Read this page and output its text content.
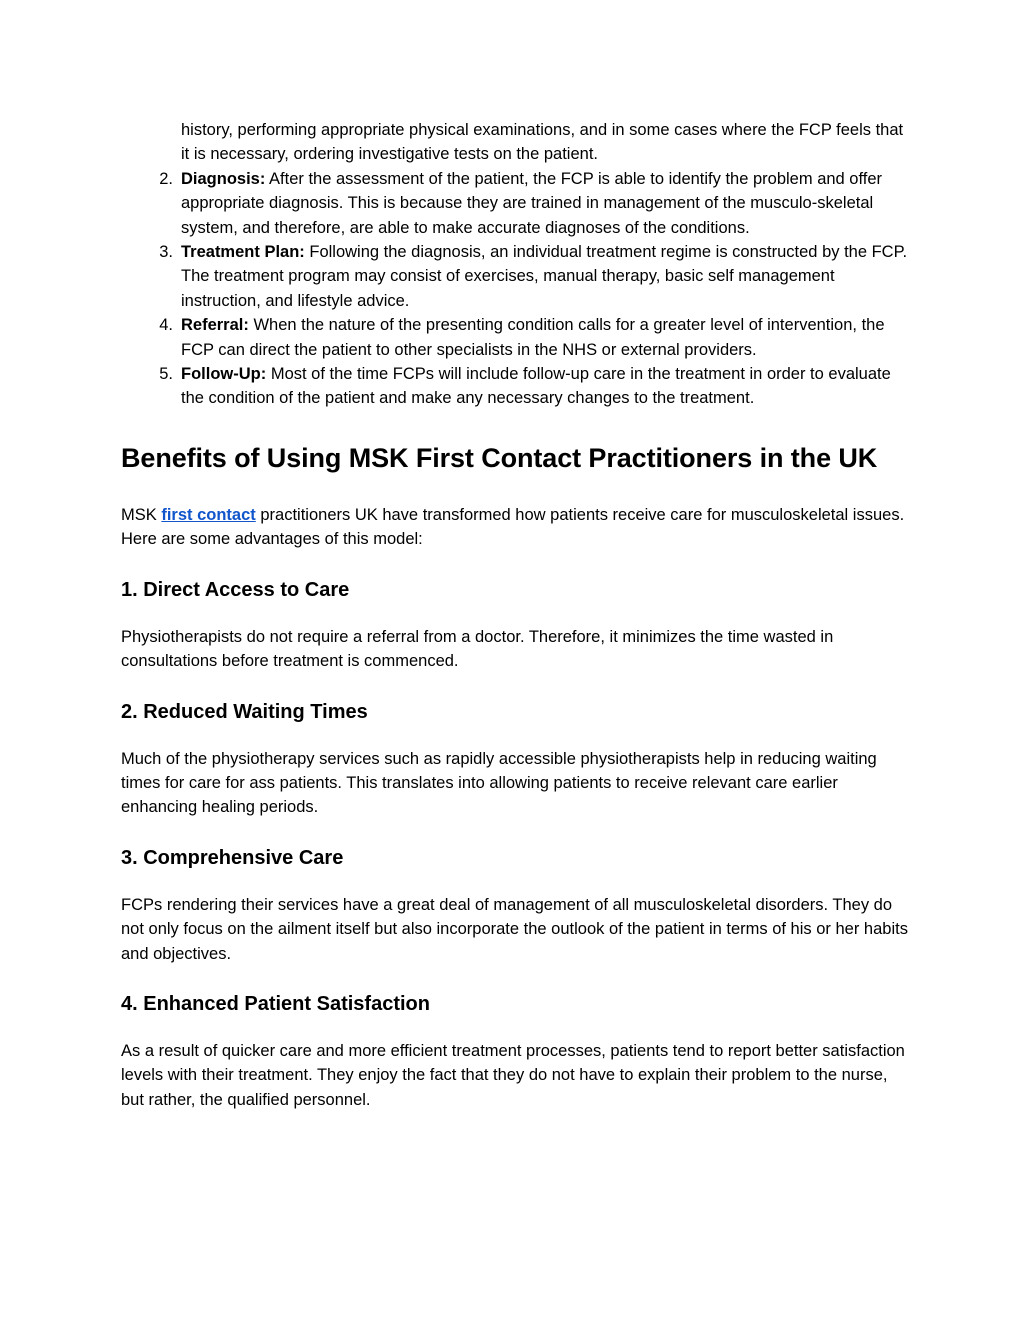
history, performing appropriate physical examinations, and in some cases where the FCP feels that it is necessary, ordering investigative tests on the patient.
2. Diagnosis: After the assessment of the patient, the FCP is able to identify the problem and offer appropriate diagnosis. This is because they are trained in management of the musculo-skeletal system, and therefore, are able to make accurate diagnoses of the conditions.
3. Treatment Plan: Following the diagnosis, an individual treatment regime is constructed by the FCP. The treatment program may consist of exercises, manual therapy, basic self management instruction, and lifestyle advice.
4. Referral: When the nature of the presenting condition calls for a greater level of intervention, the FCP can direct the patient to other specialists in the NHS or external providers.
5. Follow-Up: Most of the time FCPs will include follow-up care in the treatment in order to evaluate the condition of the patient and make any necessary changes to the treatment.
Benefits of Using MSK First Contact Practitioners in the UK

MSK first contact practitioners UK have transformed how patients receive care for musculoskeletal issues. Here are some advantages of this model:

1. Direct Access to Care

Physiotherapists do not require a referral from a doctor. Therefore, it minimizes the time wasted in consultations before treatment is commenced.

2. Reduced Waiting Times

Much of the physiotherapy services such as rapidly accessible physiotherapists help in reducing waiting times for care for ass patients. This translates into allowing patients to receive relevant care earlier enhancing healing periods.

3. Comprehensive Care

FCPs rendering their services have a great deal of management of all musculoskeletal disorders. They do not only focus on the ailment itself but also incorporate the outlook of the patient in terms of his or her habits and objectives.

4. Enhanced Patient Satisfaction

As a result of quicker care and more efficient treatment processes, patients tend to report better satisfaction levels with their treatment. They enjoy the fact that they do not have to explain their problem to the nurse, but rather, the qualified personnel.
